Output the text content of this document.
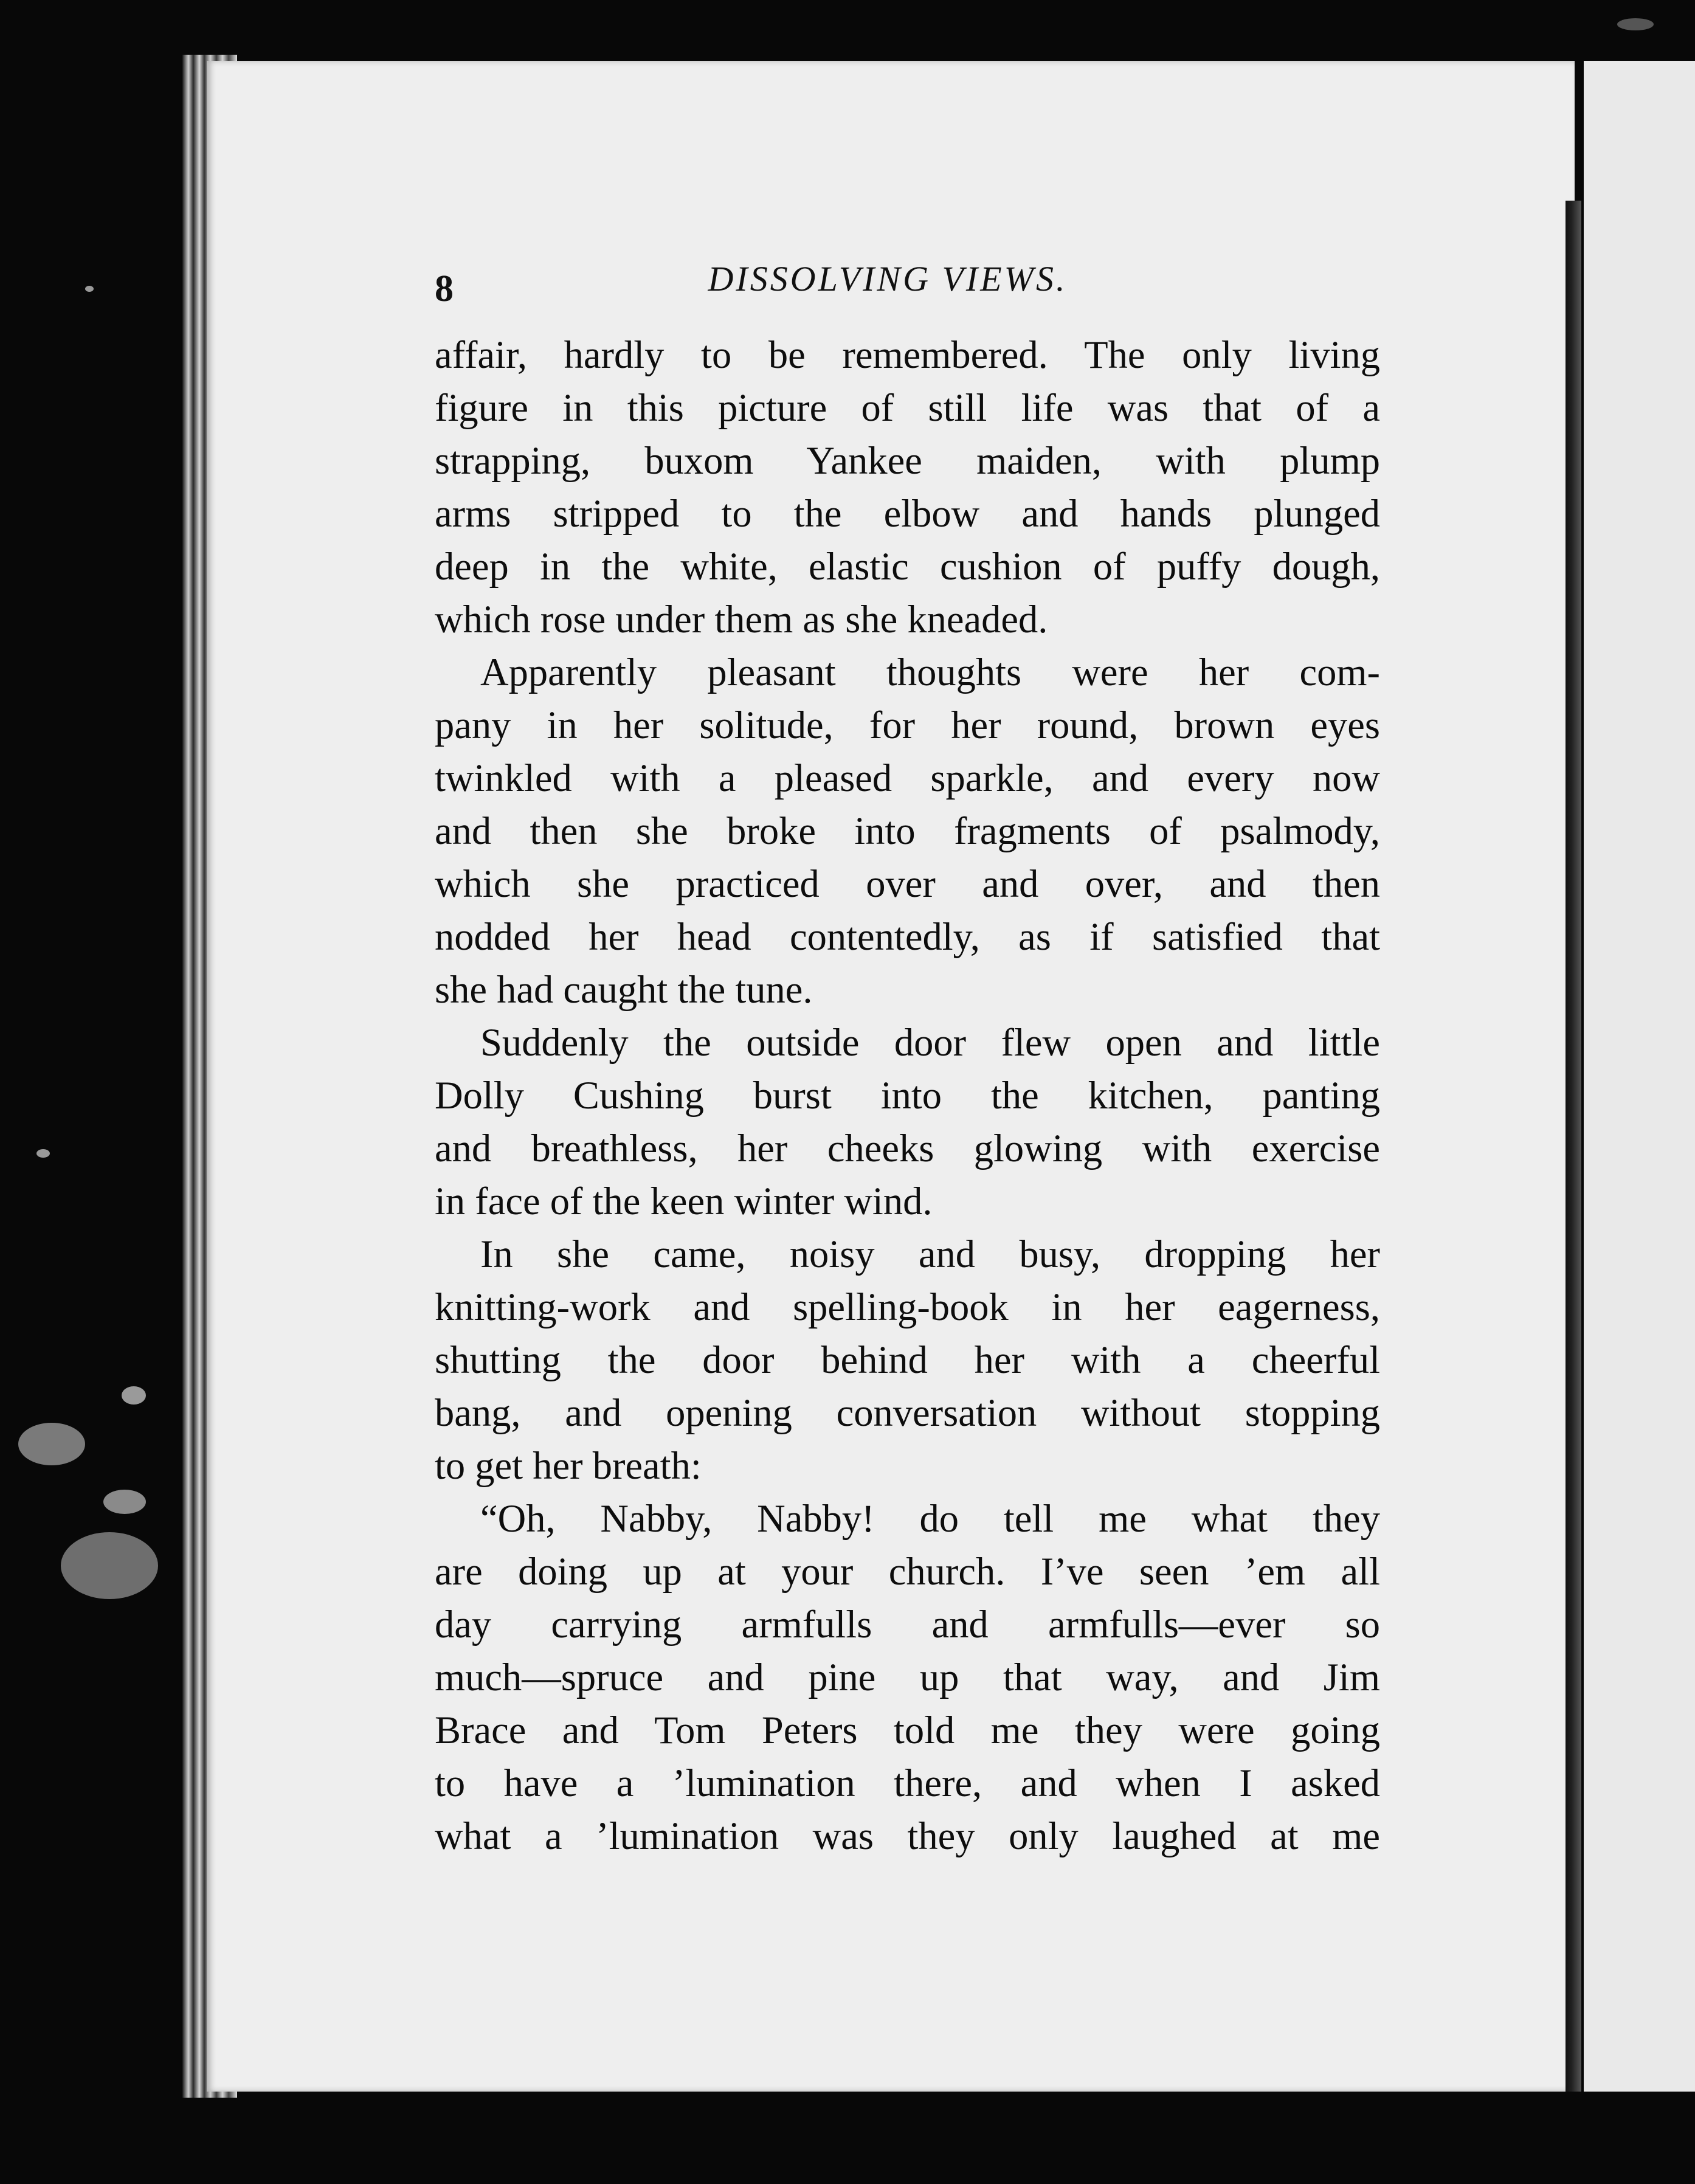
8	DISSOLVING VIEWS.
affair, hardly to be remembered. The only living
figure in this picture of still life was that of a
strapping, buxom Yankee maiden, with plump
arms stripped to the elbow and hands plunged
deep in the white, elastic cushion of puffy dough,
which rose under them as she kneaded.
Apparently pleasant thoughts were her com-
pany in her solitude, for her round, brown eyes
twinkled with a pleased sparkle, and every now
and then she broke into fragments of psalmody,
which she practiced over and over, and then
nodded her head contentedly, as if satisfied that
she had caught the tune.
Suddenly the outside door flew open and little
Dolly Cushing burst into the kitchen, panting
and breathless, her cheeks glowing with exercise
in face of the keen winter wind.
In she came, noisy and busy, dropping her
knitting-work and spelling-book in her eagerness,
shutting the door behind her with a cheerful
bang, and opening conversation without stopping
to get her breath:
“Oh, Nabby, Nabby! do tell me what they
are doing up at your church. I’ve seen ’em all
day carrying armfulls and armfulls—ever so
much—spruce and pine up that way, and Jim
Brace and Tom Peters told me they were going
to have a ’lumination there, and when I asked
what a ’lumination was they only laughed at me
